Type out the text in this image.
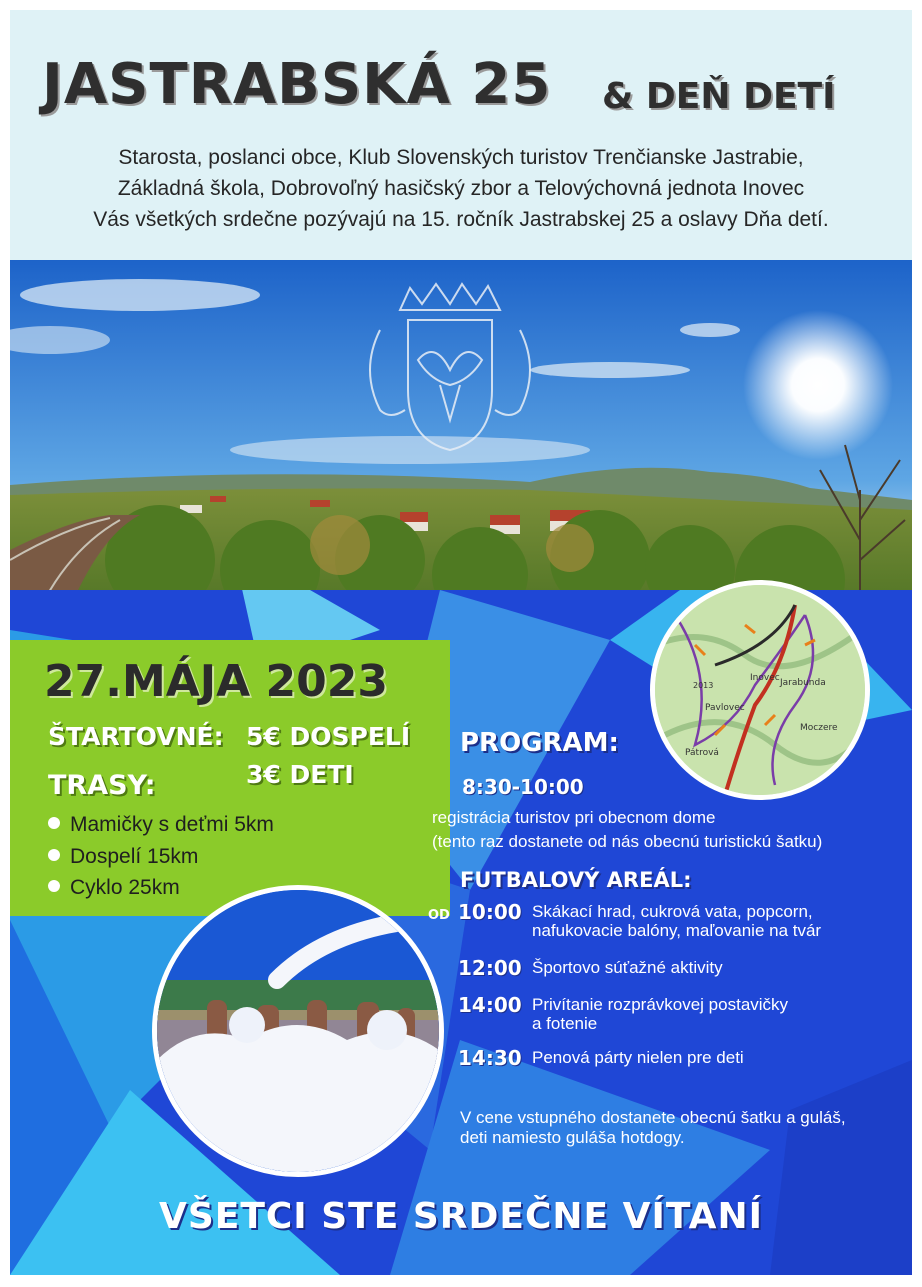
JASTRABSKÁ 25 & DEŇ DETÍ
Starosta, poslanci obce, Klub Slovenských turistov Trenčianske Jastrabie,
Základná škola, Dobrovoľný hasičský zbor a Telovýchovná jednota Inovec
Vás všetkých srdečne pozývajú na 15. ročník Jastrabskej 25 a oslavy Dňa detí.
27.MÁJA 2023
ŠTARTOVNÉ: 5€ DOSPELÍ
3€ DETI
TRASY:
Mamičky s deťmi 5km
Dospelí 15km
Cyklo 25km
Pavlovec
Inovec Jarabunda
Moczere
Pátrová
2013
PROGRAM:
8:30-10:00
registrácia turistov pri obecnom dome
(tento raz dostanete od nás obecnú turistickú šatku)
FUTBALOVÝ AREÁL:
OD 10:00 Skákací hrad, cukrová vata, popcorn,
nafukovacie balóny, maľovanie na tvár
12:00 Športovo súťažné aktivity
14:00 Privítanie rozprávkovej postavičky
a fotenie
14:30 Penová párty nielen pre deti
V cene vstupného dostanete obecnú šatku a guláš,
deti namiesto guláša hotdogy.
VŠETCI STE SRDEČNE VÍTANÍ
